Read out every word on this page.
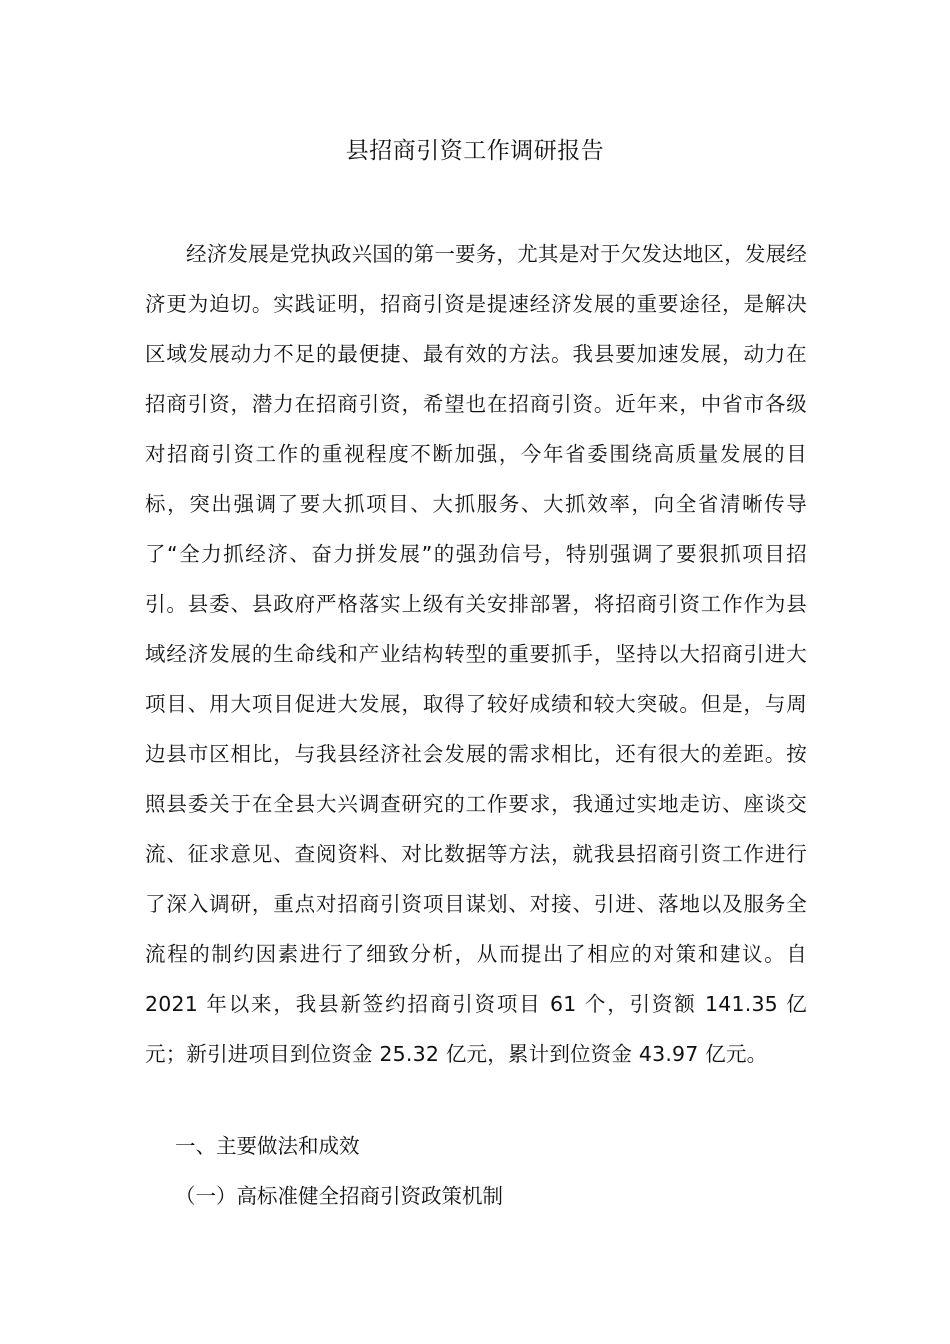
县招商引资工作调研报告

经济发展是党执政兴国的第一要务，尤其是对于欠发达地区，发展经济更为迫切。实践证明，招商引资是提速经济发展的重要途径，是解决区域发展动力不足的最便捷、最有效的方法。我县要加速发展，动力在招商引资，潜力在招商引资，希望也在招商引资。近年来，中省市各级对招商引资工作的重视程度不断加强，今年省委围绕高质量发展的目标，突出强调了要大抓项目、大抓服务、大抓效率，向全省清晰传导了“全力抓经济、奋力拼发展”的强劲信号，特别强调了要狠抓项目招引。县委、县政府严格落实上级有关安排部署，将招商引资工作作为县域经济发展的生命线和产业结构转型的重要抓手，坚持以大招商引进大项目、用大项目促进大发展，取得了较好成绩和较大突破。但是，与周边县市区相比，与我县经济社会发展的需求相比，还有很大的差距。按照县委关于在全县大兴调查研究的工作要求，我通过实地走访、座谈交流、征求意见、查阅资料、对比数据等方法，就我县招商引资工作进行了深入调研，重点对招商引资项目谋划、对接、引进、落地以及服务全流程的制约因素进行了细致分析，从而提出了相应的对策和建议。自 2021 年以来，我县新签约招商引资项目 61 个，引资额 141.35 亿元；新引进项目到位资金 25.32 亿元，累计到位资金 43.97 亿元。

一、主要做法和成效
（一）高标准健全招商引资政策机制
